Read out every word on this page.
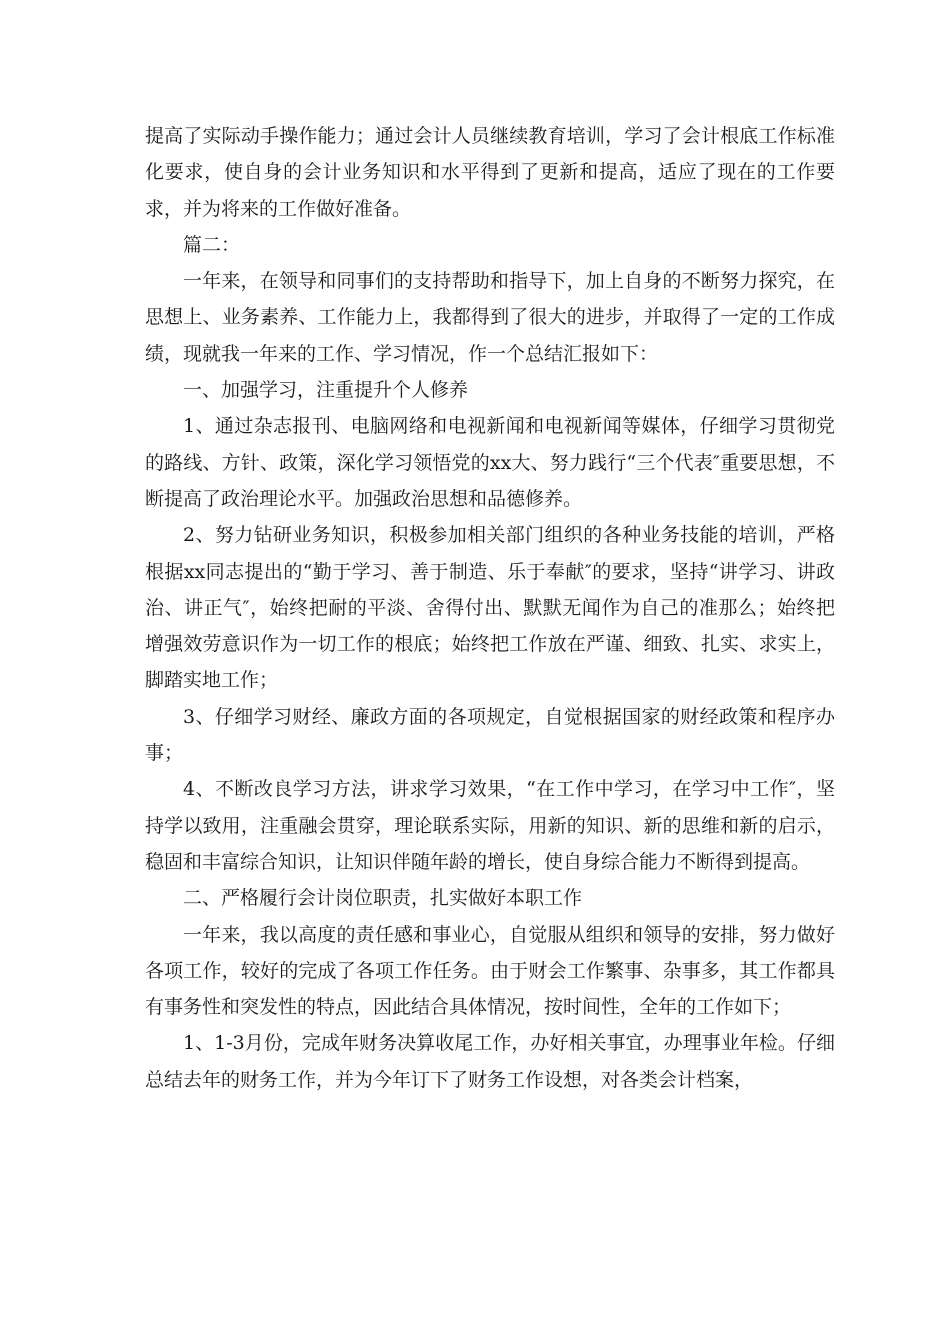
提高了实际动手操作能力；通过会计人员继续教育培训，学习了会计根底工作标准化要求，使自身的会计业务知识和水平得到了更新和提高，适应了现在的工作要求，并为将来的工作做好准备。

篇二：

一年来，在领导和同事们的支持帮助和指导下，加上自身的不断努力探究，在思想上、业务素养、工作能力上，我都得到了很大的进步，并取得了一定的工作成绩，现就我一年来的工作、学习情况，作一个总结汇报如下：

一、加强学习，注重提升个人修养

1、通过杂志报刊、电脑网络和电视新闻和电视新闻等媒体，仔细学习贯彻党的路线、方针、政策，深化学习领悟党的xx大、努力践行“三个代表″重要思想，不断提高了政治理论水平。加强政治思想和品德修养。

2、努力钻研业务知识，积极参加相关部门组织的各种业务技能的培训，严格根据xx同志提出的“勤于学习、善于制造、乐于奉献″的要求，坚持“讲学习、讲政治、讲正气″，始终把耐的平淡、舍得付出、默默无闻作为自己的准那么；始终把增强效劳意识作为一切工作的根底；始终把工作放在严谨、细致、扎实、求实上，脚踏实地工作；

3、仔细学习财经、廉政方面的各项规定，自觉根据国家的财经政策和程序办事；

4、不断改良学习方法，讲求学习效果，“在工作中学习，在学习中工作″，坚持学以致用，注重融会贯穿，理论联系实际，用新的知识、新的思维和新的启示，稳固和丰富综合知识，让知识伴随年龄的增长，使自身综合能力不断得到提高。

二、严格履行会计岗位职责，扎实做好本职工作

一年来，我以高度的责任感和事业心，自觉服从组织和领导的安排，努力做好各项工作，较好的完成了各项工作任务。由于财会工作繁事、杂事多，其工作都具有事务性和突发性的特点，因此结合具体情况，按时间性，全年的工作如下；

1、1-3月份，完成年财务决算收尾工作，办好相关事宜，办理事业年检。仔细总结去年的财务工作，并为今年订下了财务工作设想，对各类会计档案，
